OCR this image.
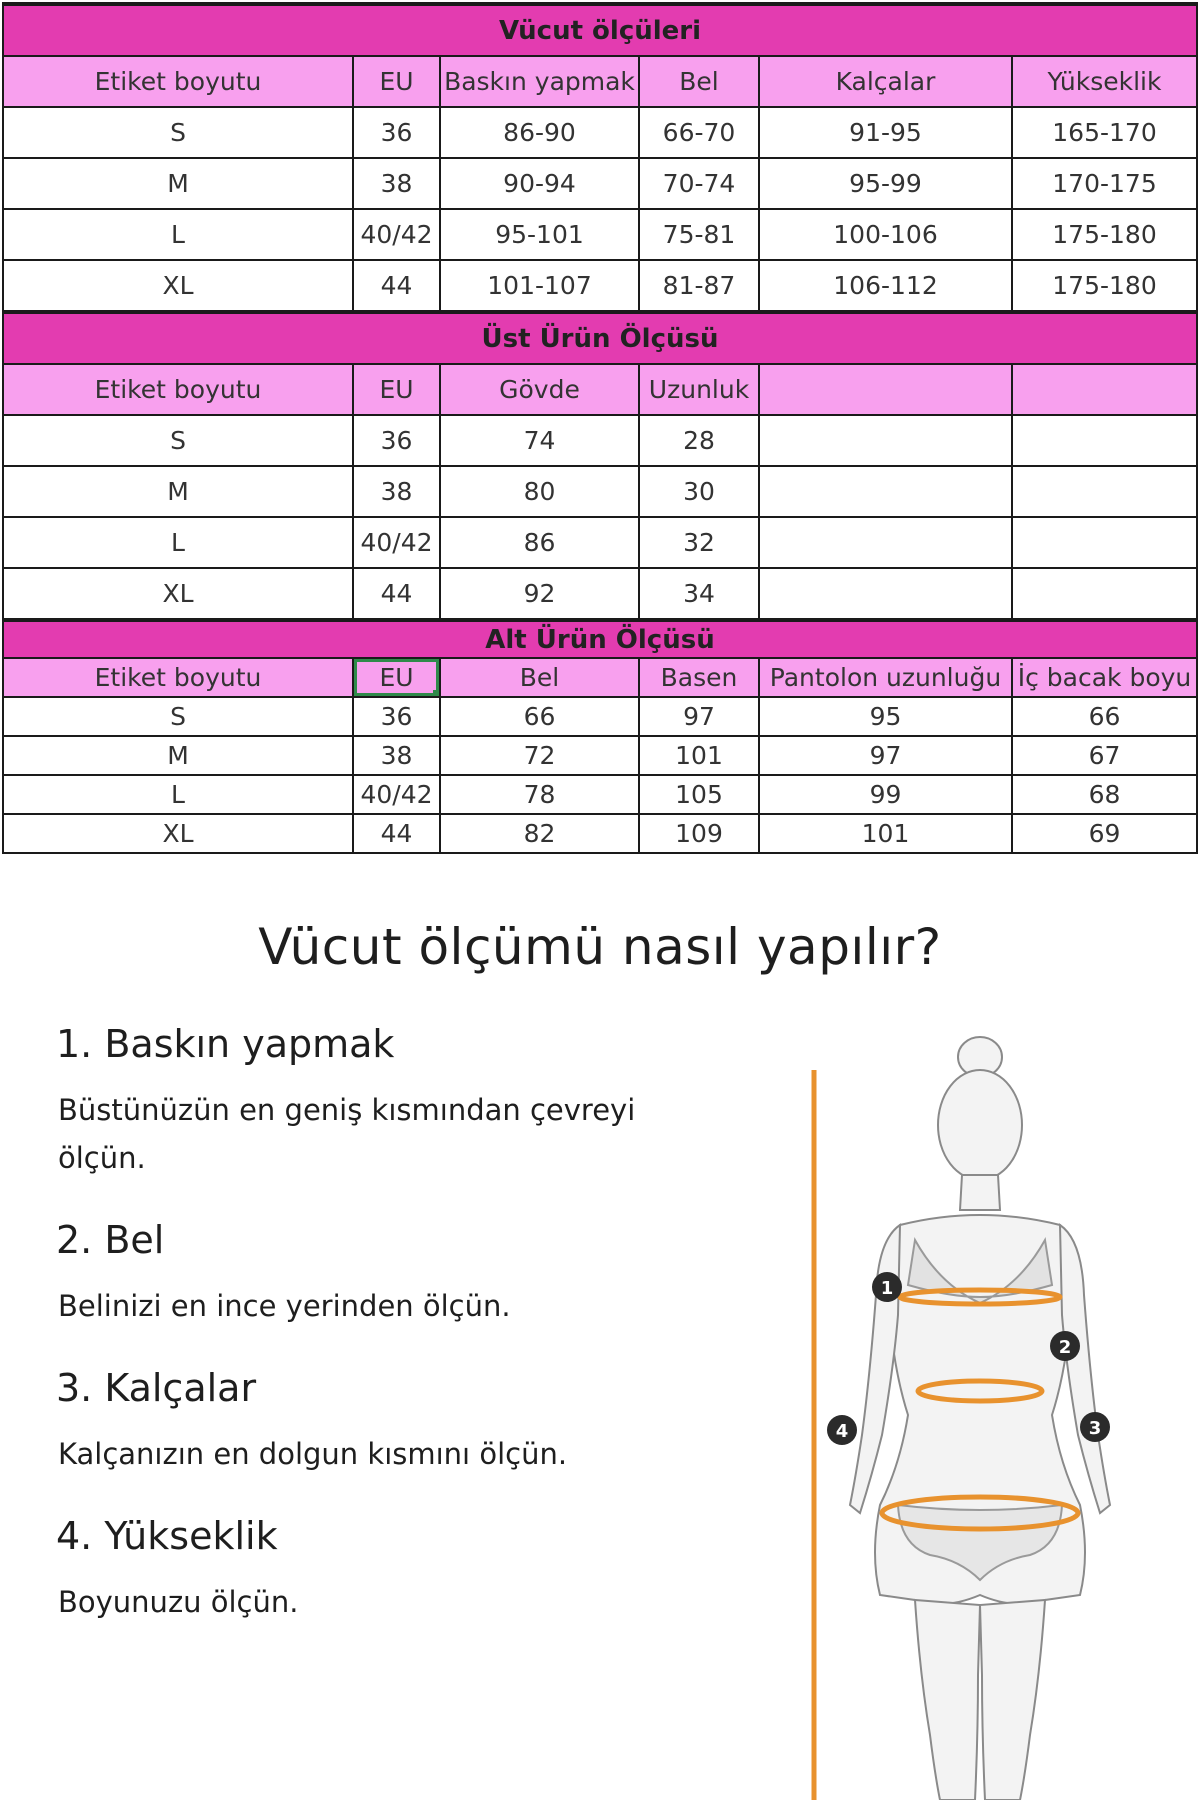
Vücut ölçüleri					
Etiket boyutu	EU	Baskın yapmak	Bel	Kalçalar	Yükseklik
S	36	86-90	66-70	91-95	165-170
M	38	90-94	70-74	95-99	170-175
L	40/42	95-101	75-81	100-106	175-180
XL	44	101-107	81-87	106-112	175-180
Üst Ürün Ölçüsü					
Etiket boyutu	EU	Gövde	Uzunluk		
S	36	74	28		
M	38	80	30		
L	40/42	86	32		
XL	44	92	34		
Alt Ürün Ölçüsü					
Etiket boyutu	EU	Bel	Basen	Pantolon uzunluğu	İç bacak boyu
S	36	66	97	95	66
M	38	72	101	97	67
L	40/42	78	105	99	68
XL	44	82	109	101	69
Vücut ölçümü nasıl yapılır?
1. Baskın yapmak
Büstünüzün en geniş kısmından çevreyi ölçün.
2. Bel
Belinizi en ince yerinden ölçün.
3. Kalçalar
Kalçanızın en dolgun kısmını ölçün.
4. Yükseklik
Boyunuzu ölçün.
1
2
3
4
